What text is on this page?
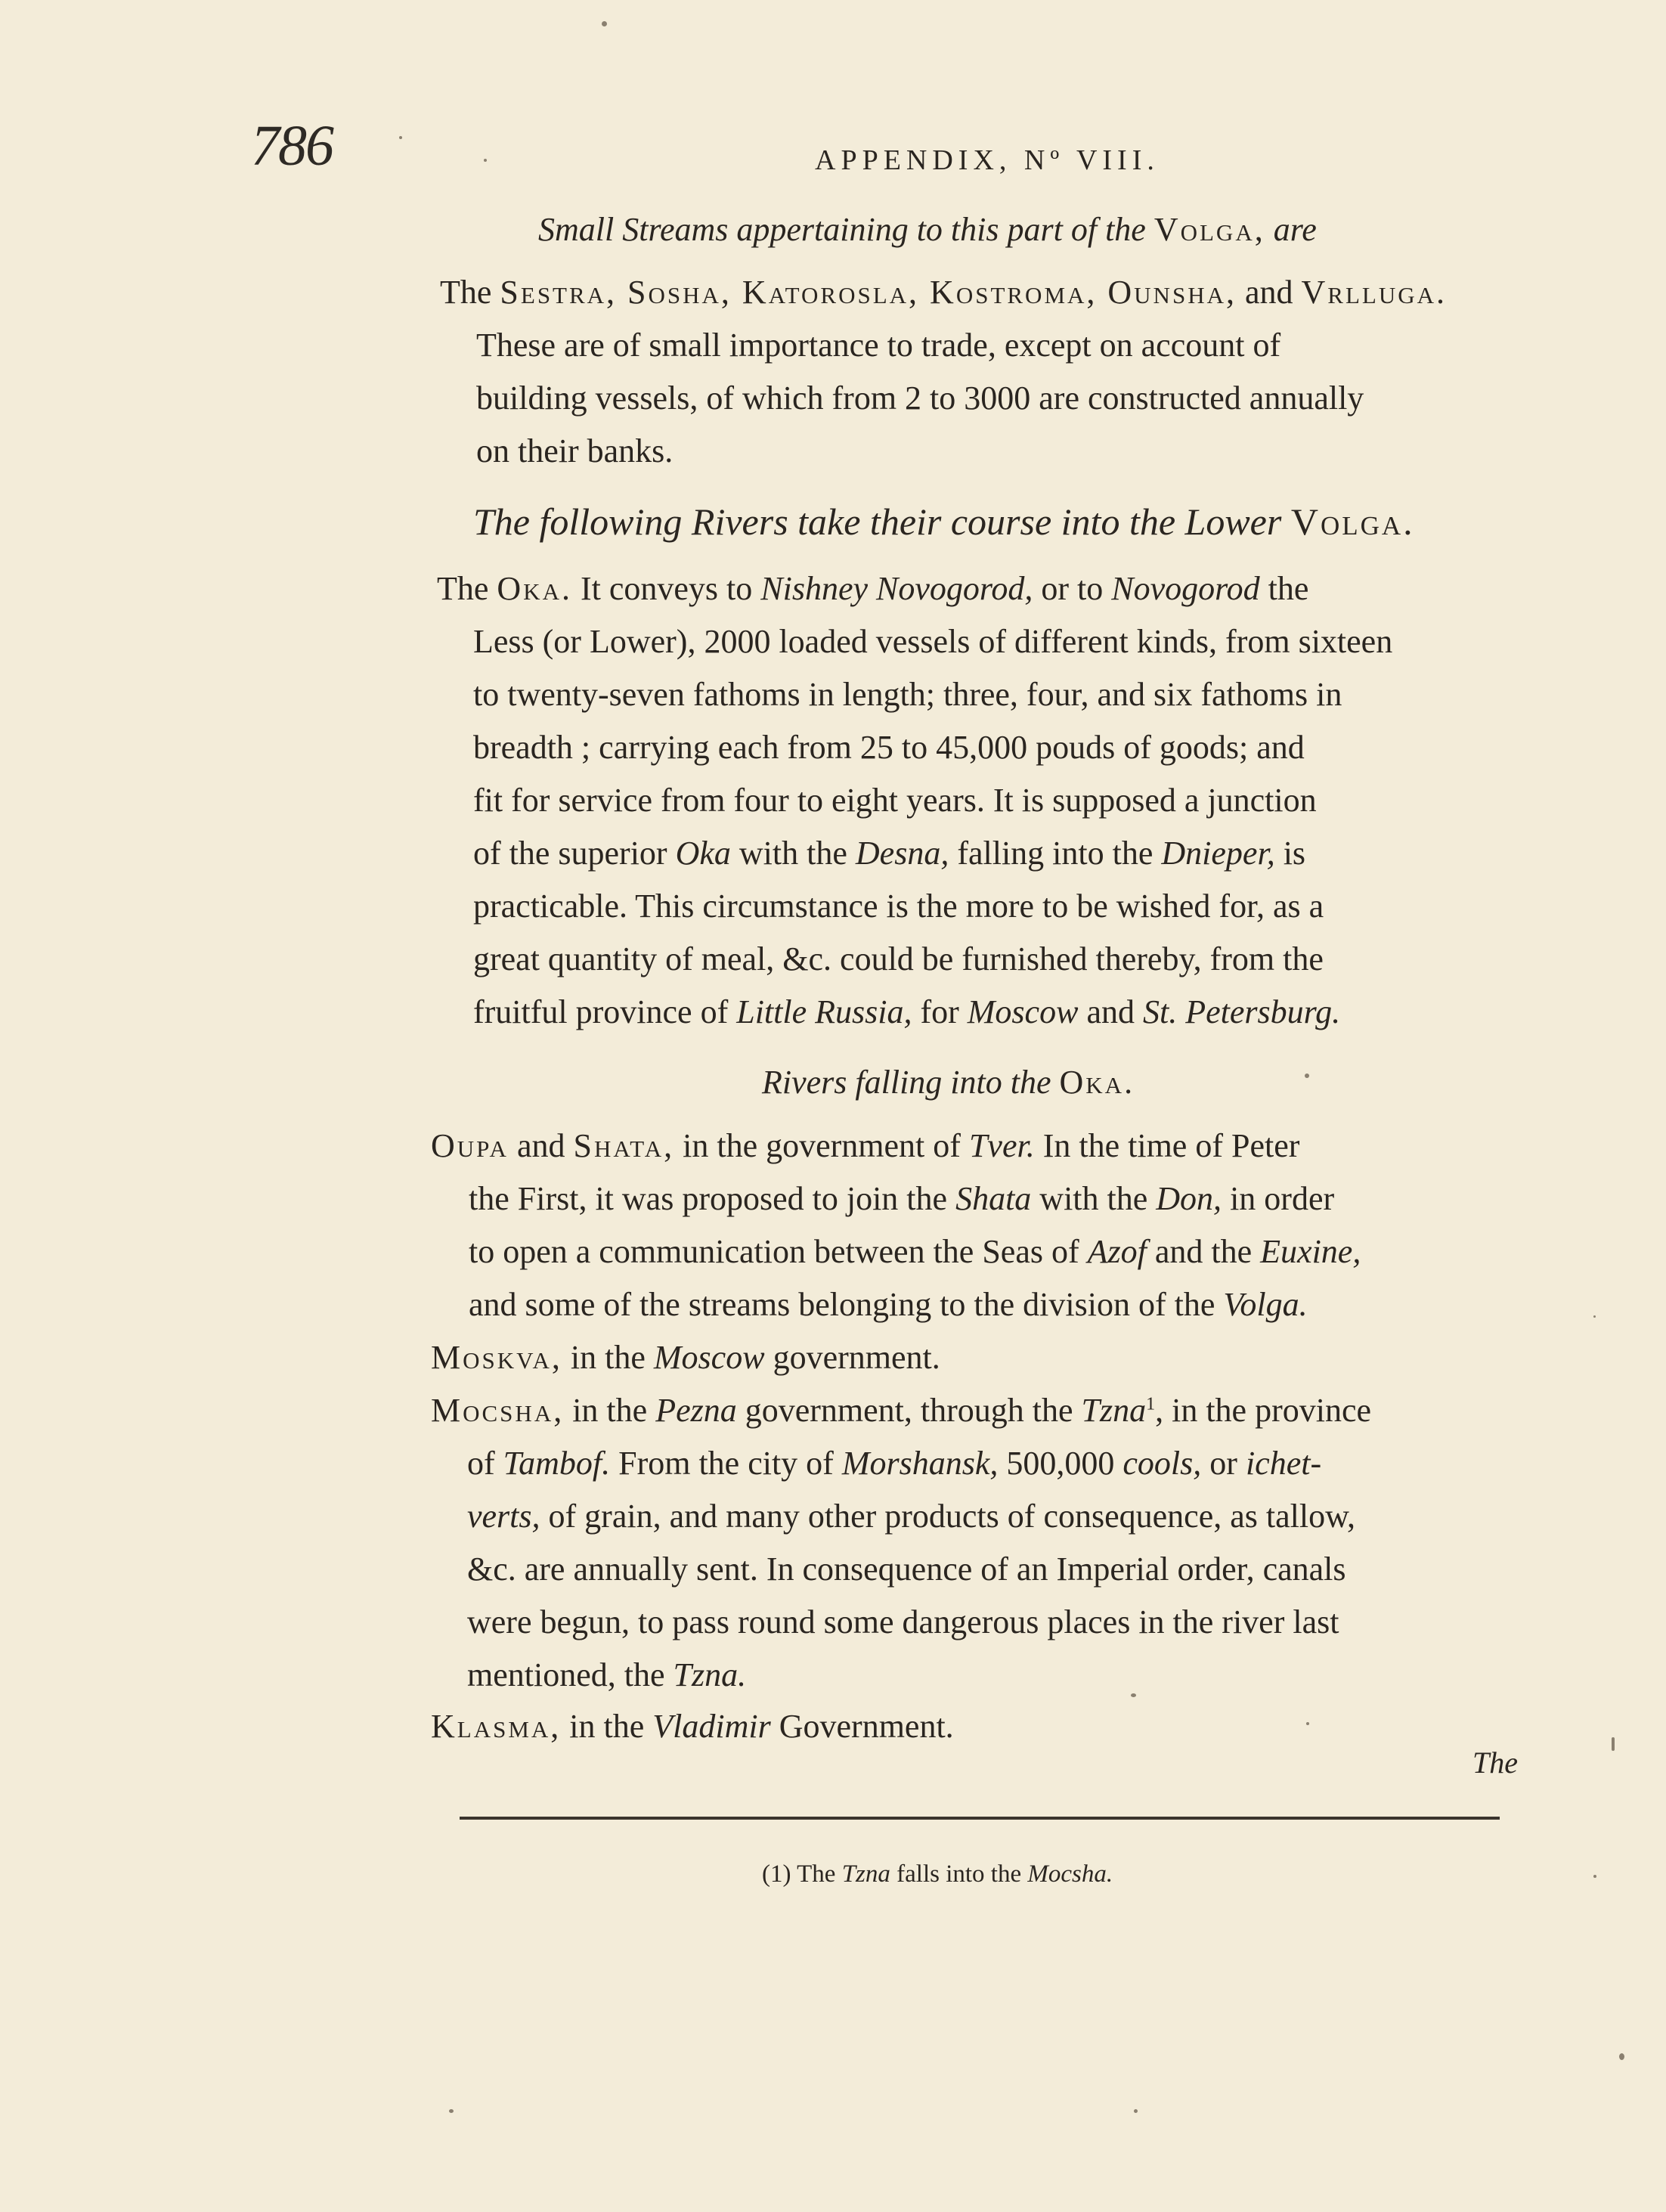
786	APPENDIX, Nº VIII.
Small Streams appertaining to this part of the Volga, are
The Sestra, Sosha, Katorosla, Kostroma, Ounsha, and Vrlluga.
These are of small importance to trade, except on account of
building vessels, of which from 2 to 3000 are constructed annually
on their banks.
The following Rivers take their course into the Lower Volga.
The Oka. It conveys to Nishney Novogorod, or to Novogorod the
Less (or Lower), 2000 loaded vessels of different kinds, from sixteen
to twenty-seven fathoms in length; three, four, and six fathoms in
breadth ; carrying each from 25 to 45,000 pouds of goods; and
fit for service from four to eight years. It is supposed a junction
of the superior Oka with the Desna, falling into the Dnieper, is
practicable. This circumstance is the more to be wished for, as a
great quantity of meal, &c. could be furnished thereby, from the
fruitful province of Little Russia, for Moscow and St. Petersburg.
Rivers falling into the Oka.
Oupa and Shata, in the government of Tver. In the time of Peter
the First, it was proposed to join the Shata with the Don, in order
to open a communication between the Seas of Azof and the Euxine,
and some of the streams belonging to the division of the Volga.
Moskva, in the Moscow government.
Mocsha, in the Pezna government, through the Tzna$^1$, in the province
of Tambof. From the city of Morshansk, 500,000 cools, or ichet-
verts, of grain, and many other products of consequence, as tallow,
&c. are annually sent. In consequence of an Imperial order, canals
were begun, to pass round some dangerous places in the river last
mentioned, the Tzna.
Klasma, in the Vladimir Government.
The
(1) The Tzna falls into the Mocsha.
